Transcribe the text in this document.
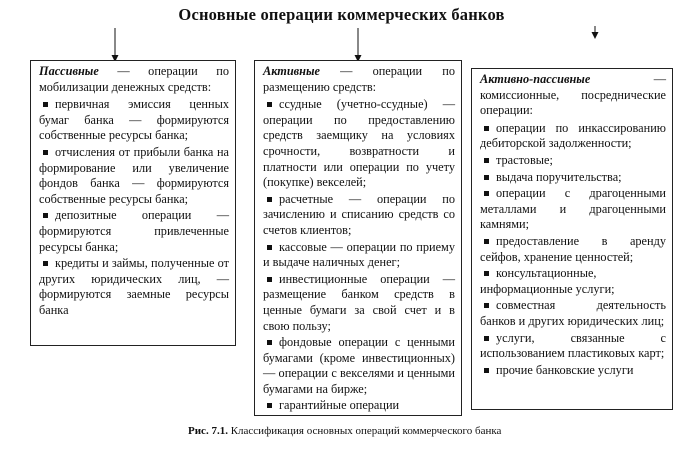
Основные операции коммерческих банков
Пассивные — операции по мобилизации денежных средств:
первичная эмиссия ценных бумаг банка — формируются собственные ресурсы банка;
отчисления от прибыли банка на формирование или увеличение фондов банка — формируются собственные ресурсы банка;
депозитные операции — формируются привлеченные ресурсы банка;
кредиты и займы, полученные от других юридических лиц, — формируются заемные ресурсы банка
Активные — операции по размещению средств:
ссудные (учетно-ссудные) — операции по предоставлению средств заемщику на условиях срочности, возвратности и платности или операции по учету (покупке) векселей;
расчетные — операции по зачислению и списанию средств со счетов клиентов;
кассовые — операции по приему и выдаче наличных денег;
инвестиционные операции — размещение банком средств в ценные бумаги за свой счет и в свою пользу;
фондовые операции с ценными бумагами (кроме инвестиционных) — операции с векселями и ценными бумагами на бирже;
гарантийные операции
Активно-пассивные — комиссионные, посреднические операции:
операции по инкассированию дебиторской задолженности;
трастовые;
выдача поручительства;
операции с драгоценными металлами и драгоценными камнями;
предоставление в аренду сейфов, хранение ценностей;
консультационные, информационные услуги;
совместная деятельность банков и других юридических лиц;
услуги, связанные с использованием пластиковых карт;
прочие банковские услуги
Рис. 7.1. Классификация основных операций коммерческого банка
